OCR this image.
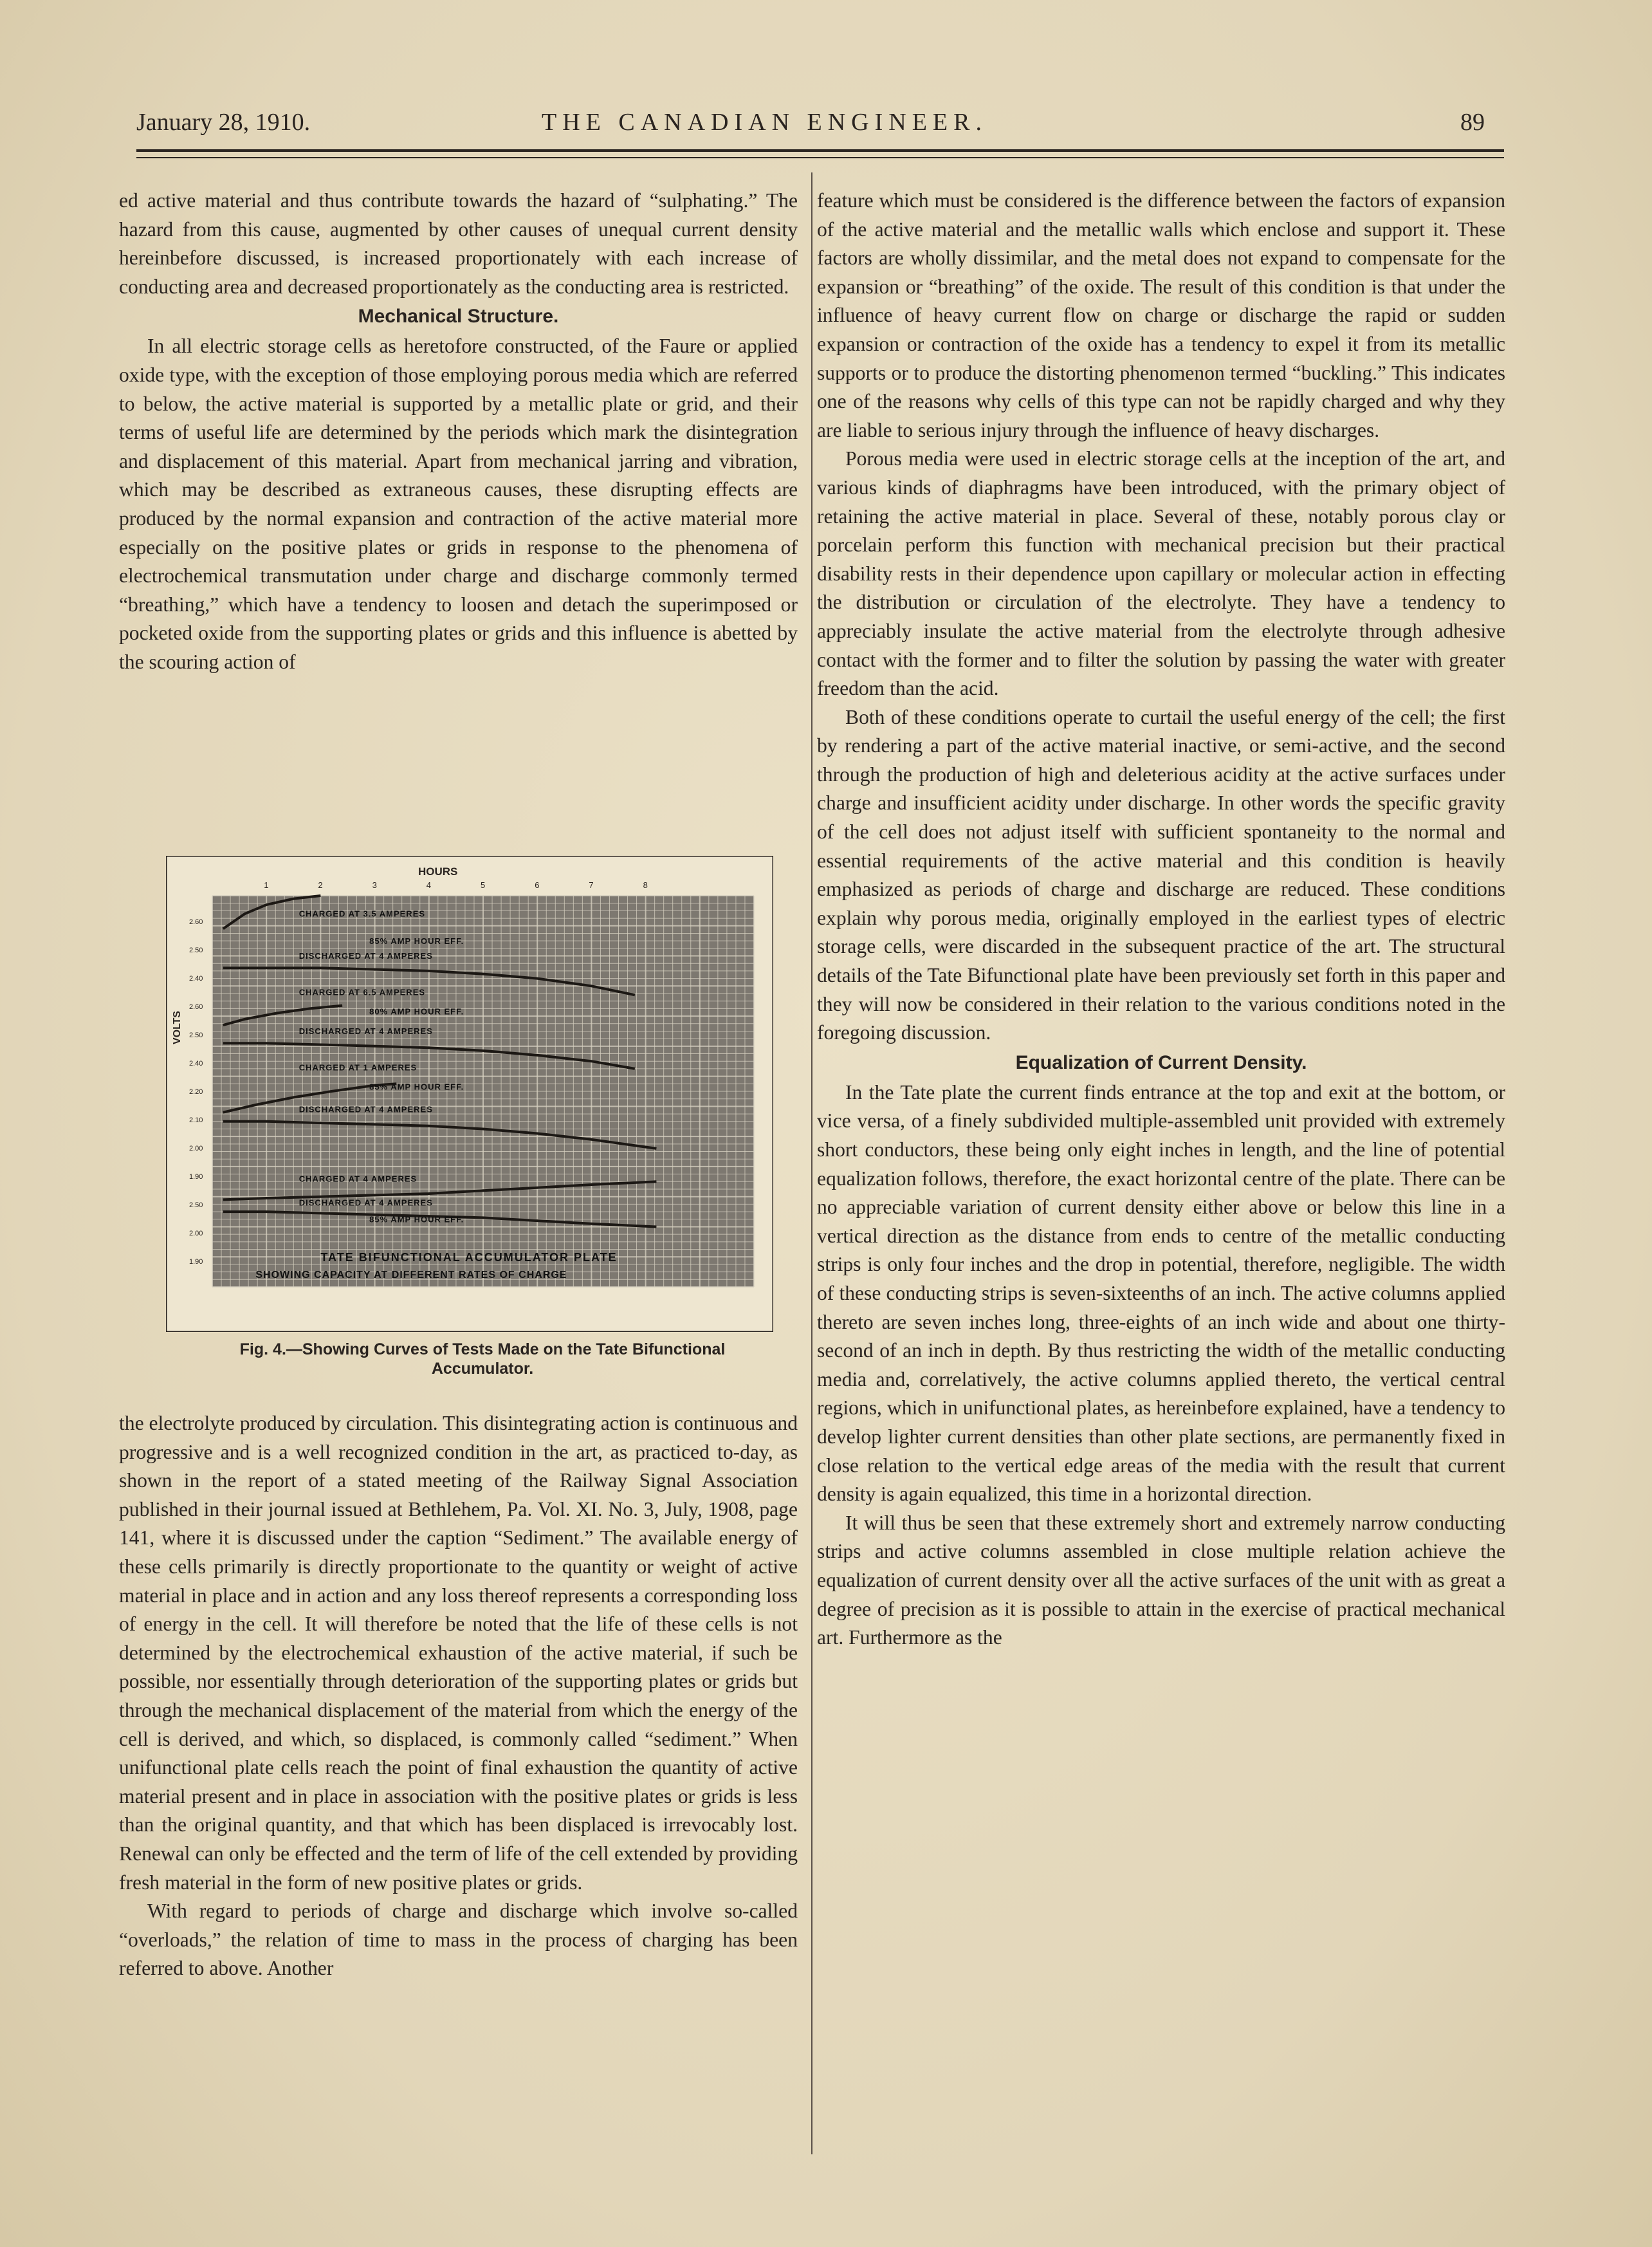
January 28, 1910.	THE CANADIAN ENGINEER.	89

ed active material and thus contribute towards the hazard of “sulphating.” The hazard from this cause, augmented by other causes of unequal current density hereinbefore discussed, is increased proportionately with each increase of conducting area and decreased proportionately as the conducting area is restricted.

Mechanical Structure.

In all electric storage cells as heretofore constructed, of the Faure or applied oxide type, with the exception of those employing porous media which are referred to below, the active material is supported by a metallic plate or grid, and their terms of useful life are determined by the periods which mark the disintegration and displacement of this material. Apart from mechanical jarring and vibration, which may be described as extraneous causes, these disrupting effects are produced by the normal expansion and contraction of the active material more especially on the positive plates or grids in response to the phenomena of electrochemical transmutation under charge and discharge commonly termed “breathing,” which have a tendency to loosen and detach the superimposed or pocketed oxide from the supporting plates or grids and this influence is abetted by the scouring action of

HOURS
1	2	3	4	5	6	7	8
VOLTS
2.60
2.50
2.40
2.60
2.50
2.40
2.20
2.10
2.00
1.90
2.50
2.00
1.90
CHARGED AT 3.5 AMPERES
85% AMP HOUR EFF.
DISCHARGED AT 4 AMPERES
CHARGED AT 6.5 AMPERES
80% AMP HOUR EFF.
DISCHARGED AT 4 AMPERES
CHARGED AT 1 AMPERES
85% AMP HOUR EFF.
DISCHARGED AT 4 AMPERES
CHARGED AT 4 AMPERES
DISCHARGED AT 4 AMPERES
85% AMP HOUR EFF.
TATE BIFUNCTIONAL ACCUMULATOR PLATE
SHOWING CAPACITY AT DIFFERENT RATES OF CHARGE
Fig. 4.—Showing Curves of Tests Made on the Tate Bifunctional
Accumulator.

the electrolyte produced by circulation. This disintegrating action is continuous and progressive and is a well recognized condition in the art, as practiced to-day, as shown in the report of a stated meeting of the Railway Signal Association published in their journal issued at Bethlehem, Pa. Vol. XI. No. 3, July, 1908, page 141, where it is discussed under the caption “Sediment.” The available energy of these cells primarily is directly proportionate to the quantity or weight of active material in place and in action and any loss thereof represents a corresponding loss of energy in the cell. It will therefore be noted that the life of these cells is not determined by the electrochemical exhaustion of the active material, if such be possible, nor essentially through deterioration of the supporting plates or grids but through the mechanical displacement of the material from which the energy of the cell is derived, and which, so displaced, is commonly called “sediment.” When unifunctional plate cells reach the point of final exhaustion the quantity of active material present and in place in association with the positive plates or grids is less than the original quantity, and that which has been displaced is irrevocably lost. Renewal can only be effected and the term of life of the cell extended by providing fresh material in the form of new positive plates or grids.

With regard to periods of charge and discharge which involve so-called “overloads,” the relation of time to mass in the process of charging has been referred to above. Another

feature which must be considered is the difference between the factors of expansion of the active material and the metallic walls which enclose and support it. These factors are wholly dissimilar, and the metal does not expand to compensate for the expansion or “breathing” of the oxide. The result of this condition is that under the influence of heavy current flow on charge or discharge the rapid or sudden expansion or contraction of the oxide has a tendency to expel it from its metallic supports or to produce the distorting phenomenon termed “buckling.” This indicates one of the reasons why cells of this type can not be rapidly charged and why they are liable to serious injury through the influence of heavy discharges.

Porous media were used in electric storage cells at the inception of the art, and various kinds of diaphragms have been introduced, with the primary object of retaining the active material in place. Several of these, notably porous clay or porcelain perform this function with mechanical precision but their practical disability rests in their dependence upon capillary or molecular action in effecting the distribution or circulation of the electrolyte. They have a tendency to appreciably insulate the active material from the electrolyte through adhesive contact with the former and to filter the solution by passing the water with greater freedom than the acid.

Both of these conditions operate to curtail the useful energy of the cell; the first by rendering a part of the active material inactive, or semi-active, and the second through the production of high and deleterious acidity at the active surfaces under charge and insufficient acidity under discharge. In other words the specific gravity of the cell does not adjust itself with sufficient spontaneity to the normal and essential requirements of the active material and this condition is heavily emphasized as periods of charge and discharge are reduced. These conditions explain why porous media, originally employed in the earliest types of electric storage cells, were discarded in the subsequent practice of the art. The structural details of the Tate Bifunctional plate have been previously set forth in this paper and they will now be considered in their relation to the various conditions noted in the foregoing discussion.

Equalization of Current Density.

In the Tate plate the current finds entrance at the top and exit at the bottom, or vice versa, of a finely subdivided multiple-assembled unit provided with extremely short conductors, these being only eight inches in length, and the line of potential equalization follows, therefore, the exact horizontal centre of the plate. There can be no appreciable variation of current density either above or below this line in a vertical direction as the distance from ends to centre of the metallic conducting strips is only four inches and the drop in potential, therefore, negligible. The width of these conducting strips is seven-sixteenths of an inch. The active columns applied thereto are seven inches long, three-eights of an inch wide and about one thirty-second of an inch in depth. By thus restricting the width of the metallic conducting media and, correlatively, the active columns applied thereto, the vertical central regions, which in unifunctional plates, as hereinbefore explained, have a tendency to develop lighter current densities than other plate sections, are permanently fixed in close relation to the vertical edge areas of the media with the result that current density is again equalized, this time in a horizontal direction.

It will thus be seen that these extremely short and extremely narrow conducting strips and active columns assembled in close multiple relation achieve the equalization of current density over all the active surfaces of the unit with as great a degree of precision as it is possible to attain in the exercise of practical mechanical art. Furthermore as the
